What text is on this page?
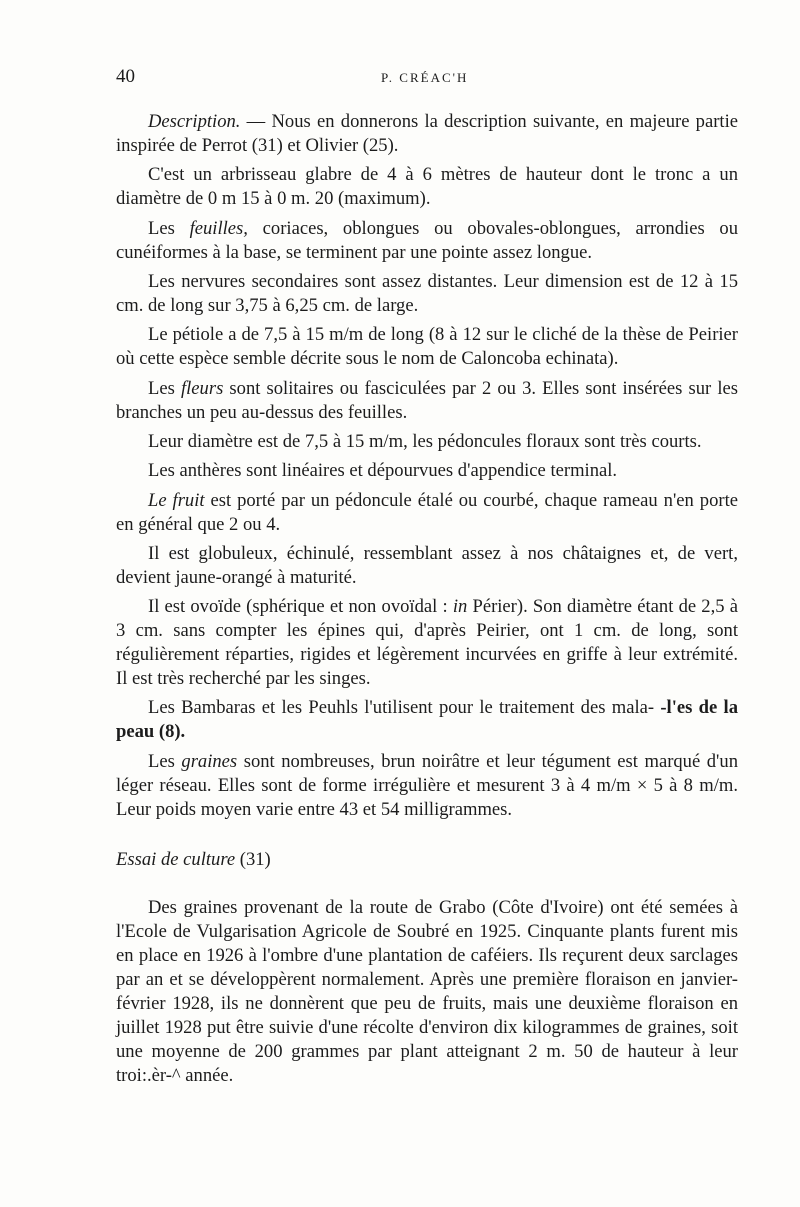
40	P. CRÉAC'H

Description. — Nous en donnerons la description suivante, en majeure partie inspirée de Perrot (31) et Olivier (25).

C'est un arbrisseau glabre de 4 à 6 mètres de hauteur dont le tronc a un diamètre de 0 m 15 à 0 m. 20 (maximum).

Les feuilles, coriaces, oblongues ou obovales-oblongues, arrondies ou cunéiformes à la base, se terminent par une pointe assez longue.

Les nervures secondaires sont assez distantes. Leur dimension est de 12 à 15 cm. de long sur 3,75 à 6,25 cm. de large.

Le pétiole a de 7,5 à 15 m/m de long (8 à 12 sur le cliché de la thèse de Peirier où cette espèce semble décrite sous le nom de Caloncoba echinata).

Les fleurs sont solitaires ou fasciculées par 2 ou 3. Elles sont insérées sur les branches un peu au-dessus des feuilles.

Leur diamètre est de 7,5 à 15 m/m, les pédoncules floraux sont très courts.

Les anthères sont linéaires et dépourvues d'appendice terminal.

Le fruit est porté par un pédoncule étalé ou courbé, chaque rameau n'en porte en général que 2 ou 4.

Il est globuleux, échinulé, ressemblant assez à nos châtaignes et, de vert, devient jaune-orangé à maturité.

Il est ovoïde (sphérique et non ovoïdal : in Périer). Son diamètre étant de 2,5 à 3 cm. sans compter les épines qui, d'après Peirier, ont 1 cm. de long, sont régulièrement réparties, rigides et légèrement incurvées en griffe à leur extrémité. Il est très recherché par les singes.

Les Bambaras et les Peuhls l'utilisent pour le traitement des mala- -l'es de la peau (8).

Les graines sont nombreuses, brun noirâtre et leur tégument est marqué d'un léger réseau. Elles sont de forme irrégulière et mesurent 3 à 4 m/m × 5 à 8 m/m. Leur poids moyen varie entre 43 et 54 milligrammes.

Essai de culture (31)

Des graines provenant de la route de Grabo (Côte d'Ivoire) ont été semées à l'Ecole de Vulgarisation Agricole de Soubré en 1925. Cinquante plants furent mis en place en 1926 à l'ombre d'une plantation de caféiers. Ils reçurent deux sarclages par an et se développèrent normalement. Après une première floraison en janvier-février 1928, ils ne donnèrent que peu de fruits, mais une deuxième floraison en juillet 1928 put être suivie d'une récolte d'environ dix kilogrammes de graines, soit une moyenne de 200 grammes par plant atteignant 2 m. 50 de hauteur à leur troi:.èr-^ année.
